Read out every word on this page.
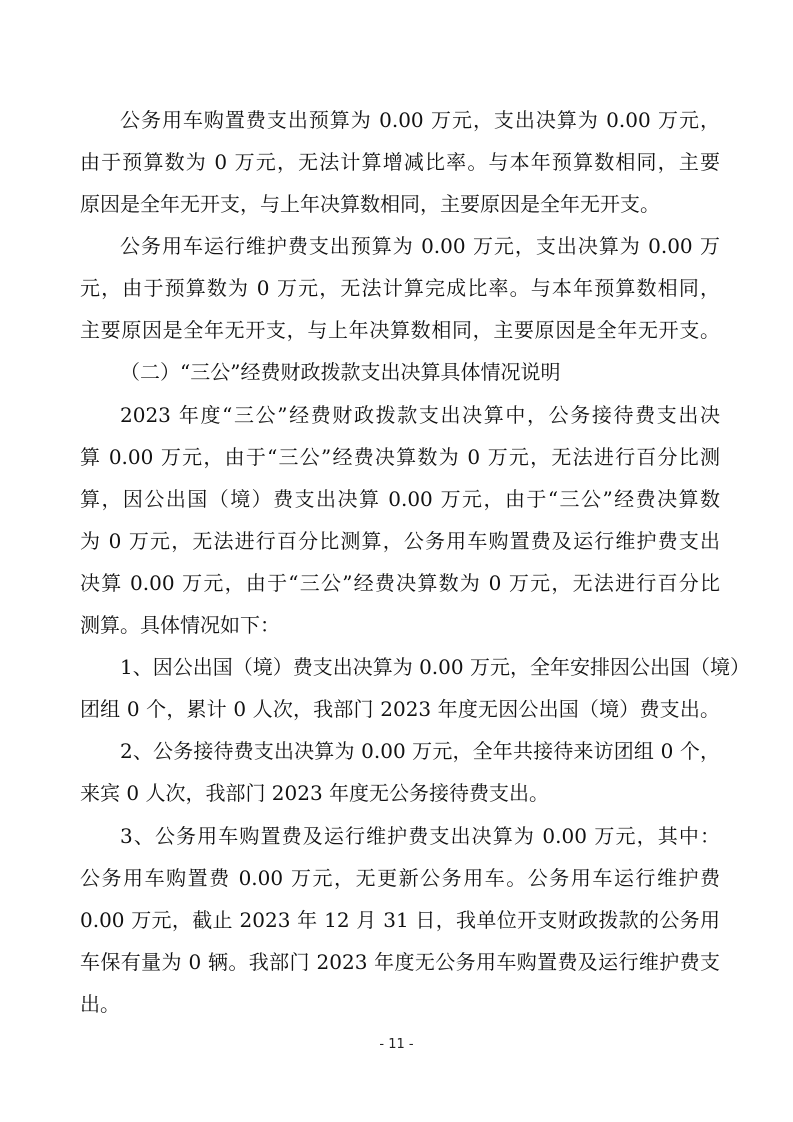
公务用车购置费支出预算为 0.00 万元，支出决算为 0.00 万元，
由于预算数为 0 万元，无法计算增减比率。与本年预算数相同，主要
原因是全年无开支，与上年决算数相同，主要原因是全年无开支。
公务用车运行维护费支出预算为 0.00 万元，支出决算为 0.00 万
元，由于预算数为 0 万元，无法计算完成比率。与本年预算数相同，
主要原因是全年无开支，与上年决算数相同，主要原因是全年无开支。
（二）“三公”经费财政拨款支出决算具体情况说明
2023 年度“三公”经费财政拨款支出决算中，公务接待费支出决
算 0.00 万元，由于“三公”经费决算数为 0 万元，无法进行百分比测
算，因公出国（境）费支出决算 0.00 万元，由于“三公”经费决算数
为 0 万元，无法进行百分比测算，公务用车购置费及运行维护费支出
决算 0.00 万元，由于“三公”经费决算数为 0 万元，无法进行百分比
测算。具体情况如下：
1、因公出国（境）费支出决算为 0.00 万元，全年安排因公出国（境）
团组 0 个，累计 0 人次，我部门 2023 年度无因公出国（境）费支出。
2、公务接待费支出决算为 0.00 万元，全年共接待来访团组 0 个，
来宾 0 人次，我部门 2023 年度无公务接待费支出。
3、公务用车购置费及运行维护费支出决算为 0.00 万元，其中：
公务用车购置费 0.00 万元，无更新公务用车。公务用车运行维护费
0.00 万元，截止 2023 年 12 月 31 日，我单位开支财政拨款的公务用
车保有量为 0 辆。我部门 2023 年度无公务用车购置费及运行维护费支
出。
- 11 -
